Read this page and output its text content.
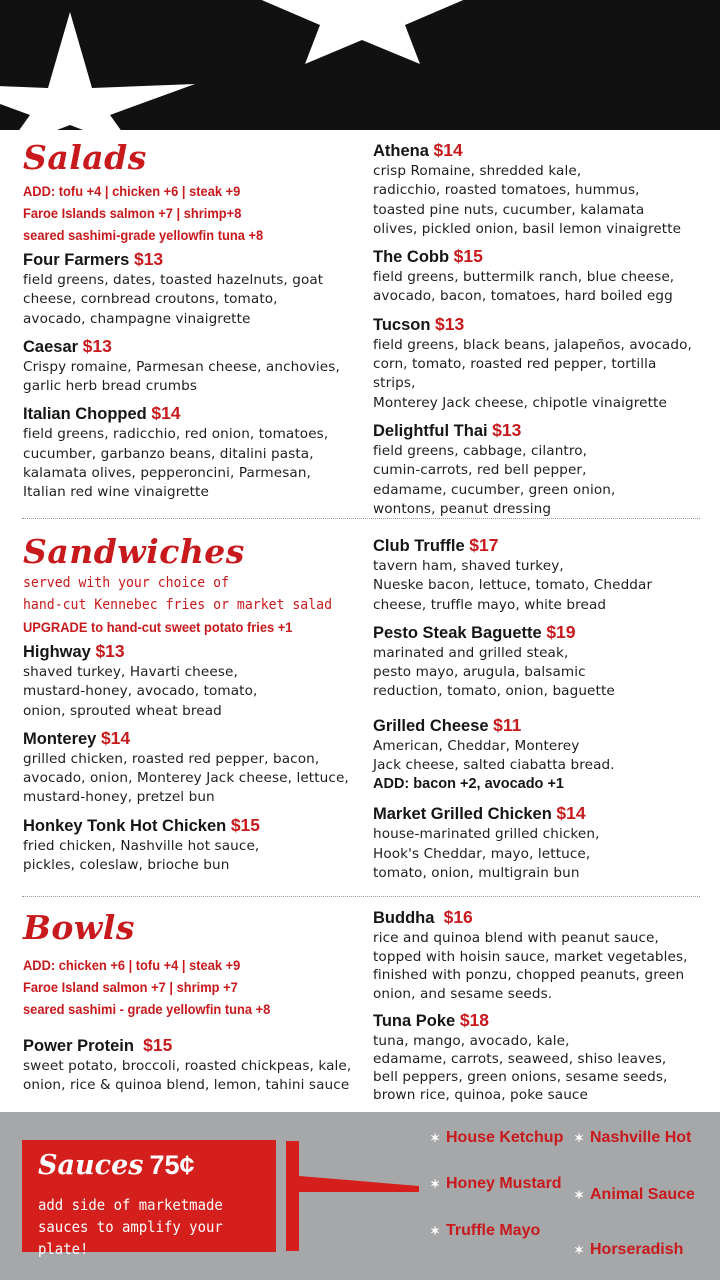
Salads
ADD: tofu +4 | chicken +6 | steak +9
Faroe Islands salmon +7 | shrimp+8
seared sashimi-grade yellowfin tuna +8
Four Farmers $13
field greens, dates, toasted hazelnuts, goat
cheese, cornbread croutons, tomato,
avocado, champagne vinaigrette
Caesar $13
Crispy romaine, Parmesan cheese, anchovies,
garlic herb bread crumbs
Italian Chopped $14
field greens, radicchio, red onion, tomatoes,
cucumber, garbanzo beans, ditalini pasta,
kalamata olives, pepperoncini, Parmesan,
Italian red wine vinaigrette
Athena $14
crisp Romaine, shredded kale,
radicchio, roasted tomatoes, hummus,
toasted pine nuts, cucumber, kalamata
olives, pickled onion, basil lemon vinaigrette
The Cobb $15
field greens, buttermilk ranch, blue cheese,
avocado, bacon, tomatoes, hard boiled egg
Tucson $13
field greens, black beans, jalapeños, avocado,
corn, tomato, roasted red pepper, tortilla strips,
Monterey Jack cheese, chipotle vinaigrette
Delightful Thai $13
field greens, cabbage, cilantro,
cumin-carrots, red bell pepper,
edamame, cucumber, green onion,
wontons, peanut dressing
Sandwiches
served with your choice of
hand-cut Kennebec fries or market salad
UPGRADE to hand-cut sweet potato fries +1
Highway $13
shaved turkey, Havarti cheese,
mustard-honey, avocado, tomato,
onion, sprouted wheat bread
Monterey $14
grilled chicken, roasted red pepper, bacon,
avocado, onion, Monterey Jack cheese, lettuce,
mustard-honey, pretzel bun
Honkey Tonk Hot Chicken $15
fried chicken, Nashville hot sauce,
pickles, coleslaw, brioche bun
Club Truffle $17
tavern ham, shaved turkey,
Nueske bacon, lettuce, tomato, Cheddar
cheese, truffle mayo, white bread
Pesto Steak Baguette $19
marinated and grilled steak,
pesto mayo, arugula, balsamic
reduction, tomato, onion, baguette
Grilled Cheese $11
American, Cheddar, Monterey
Jack cheese, salted ciabatta bread.
ADD: bacon +2, avocado +1
Market Grilled Chicken $14
house-marinated grilled chicken,
Hook's Cheddar, mayo, lettuce,
tomato, onion, multigrain bun
Bowls
ADD: chicken +6 | tofu +4 | steak +9
Faroe Island salmon +7 | shrimp +7
seared sashimi - grade yellowfin tuna +8
Power Protein $15
sweet potato, broccoli, roasted chickpeas, kale,
onion, rice & quinoa blend, lemon, tahini sauce
Buddha $16
rice and quinoa blend with peanut sauce,
topped with hoisin sauce, market vegetables,
finished with ponzu, chopped peanuts, green
onion, and sesame seeds.
Tuna Poke $18
tuna, mango, avocado, kale,
edamame, carrots, seaweed, shiso leaves,
bell peppers, green onions, sesame seeds,
brown rice, quinoa, poke sauce
Sauces 75¢
add side of marketmade sauces to amplify your plate!
✶ House Ketchup
✶ Honey Mustard
✶ Truffle Mayo
✶ Nashville Hot
✶ Animal Sauce
✶ Horseradish
